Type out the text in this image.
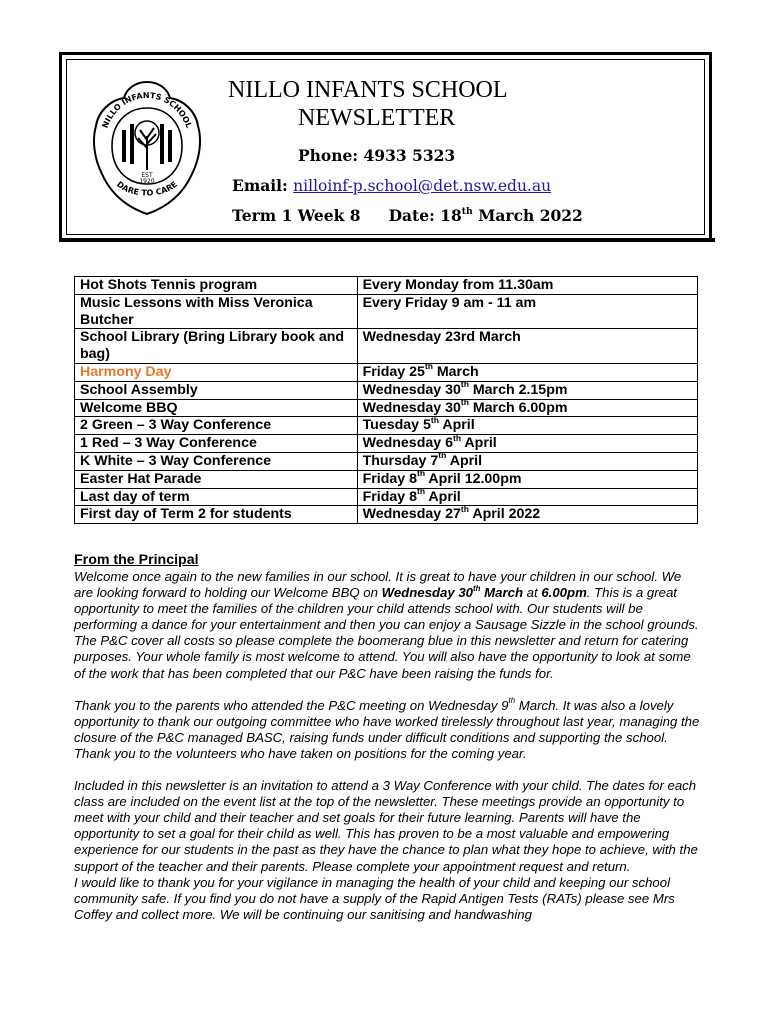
EST
1920
NILLO INFANTS SCHOOL
DARE TO CARE
NILLO INFANTS SCHOOL
NEWSLETTER
Phone: 4933 5323
Email: nilloinf-p.school@det.nsw.edu.au
Term 1 Week 8 Date: 18th March 2022
Hot Shots Tennis program	Every Monday from 11.30am
Music Lessons with Miss Veronica Butcher	Every Friday 9 am - 11 am
School Library (Bring Library book and bag)	Wednesday 23rd March
Harmony Day	Friday 25th March
School Assembly	Wednesday 30th March 2.15pm
Welcome BBQ	Wednesday 30th March 6.00pm
2 Green – 3 Way Conference	Tuesday 5th April
1 Red – 3 Way Conference	Wednesday 6th April
K White – 3 Way Conference	Thursday 7th April
Easter Hat Parade	Friday 8th April 12.00pm
Last day of term	Friday 8th April
First day of Term 2 for students	Wednesday 27th April 2022
From the Principal

Welcome once again to the new families in our school. It is great to have your children in our school. We are looking forward to holding our Welcome BBQ on Wednesday 30th March at 6.00pm. This is a great opportunity to meet the families of the children your child attends school with. Our students will be performing a dance for your entertainment and then you can enjoy a Sausage Sizzle in the school grounds. The P&C cover all costs so please complete the boomerang blue in this newsletter and return for catering purposes. Your whole family is most welcome to attend. You will also have the opportunity to look at some of the work that has been completed that our P&C have been raising the funds for.

Thank you to the parents who attended the P&C meeting on Wednesday 9th March. It was also a lovely opportunity to thank our outgoing committee who have worked tirelessly throughout last year, managing the closure of the P&C managed BASC, raising funds under difficult conditions and supporting the school. Thank you to the volunteers who have taken on positions for the coming year.

Included in this newsletter is an invitation to attend a 3 Way Conference with your child. The dates for each class are included on the event list at the top of the newsletter. These meetings provide an opportunity to meet with your child and their teacher and set goals for their future learning. Parents will have the opportunity to set a goal for their child as well. This has proven to be a most valuable and empowering experience for our students in the past as they have the chance to plan what they hope to achieve, with the support of the teacher and their parents. Please complete your appointment request and return.

I would like to thank you for your vigilance in managing the health of your child and keeping our school community safe. If you find you do not have a supply of the Rapid Antigen Tests (RATs) please see Mrs Coffey and collect more. We will be continuing our sanitising and handwashing
